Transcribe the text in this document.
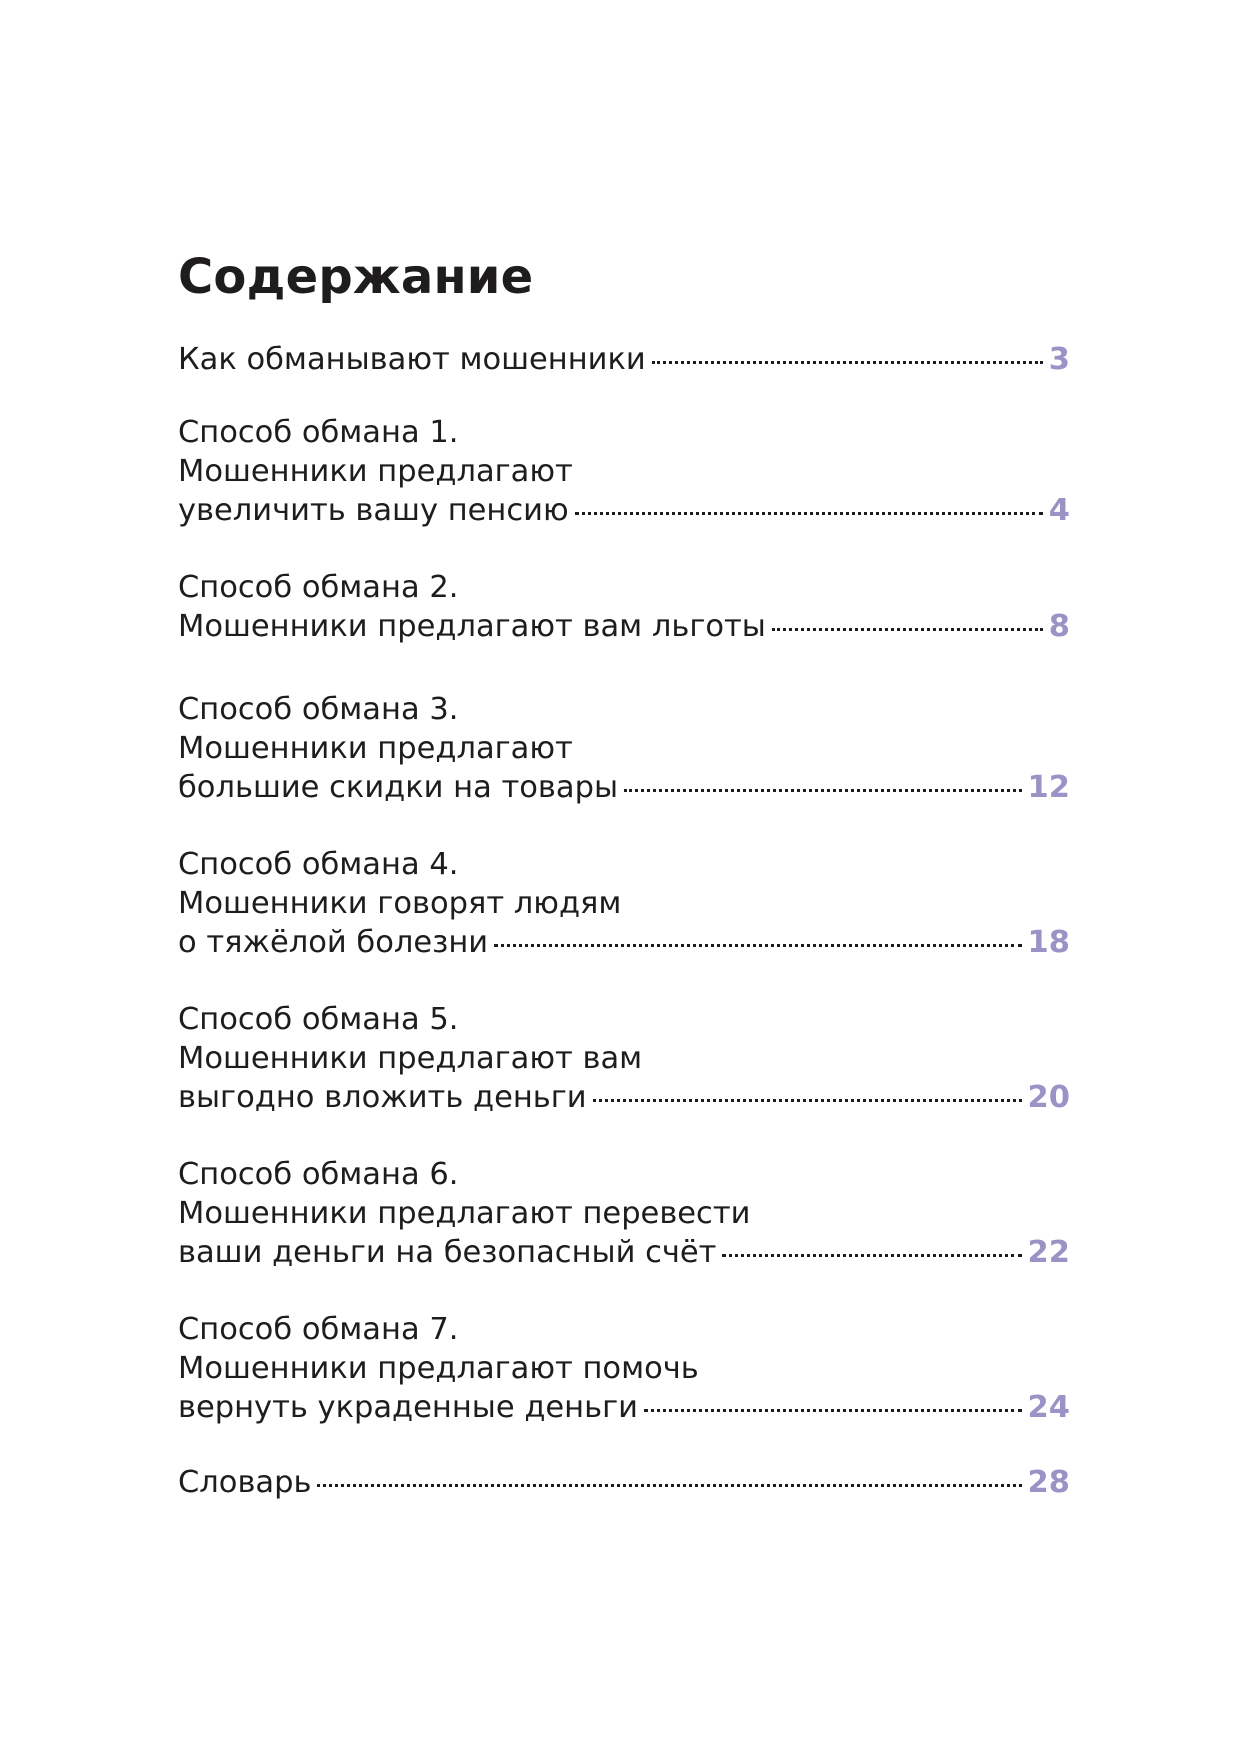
Содержание
Как обманывают мошенники	3
Способ обмана 1.
Мошенники предлагают
увеличить вашу пенсию	4
Способ обмана 2.
Мошенники предлагают вам льготы	8
Способ обмана 3.
Мошенники предлагают
большие скидки на товары	12
Способ обмана 4.
Мошенники говорят людям
о тяжёлой болезни	18
Способ обмана 5.
Мошенники предлагают вам
выгодно вложить деньги	20
Способ обмана 6.
Мошенники предлагают перевести
ваши деньги на безопасный счёт	22
Способ обмана 7.
Мошенники предлагают помочь
вернуть украденные деньги	24
Словарь	28
